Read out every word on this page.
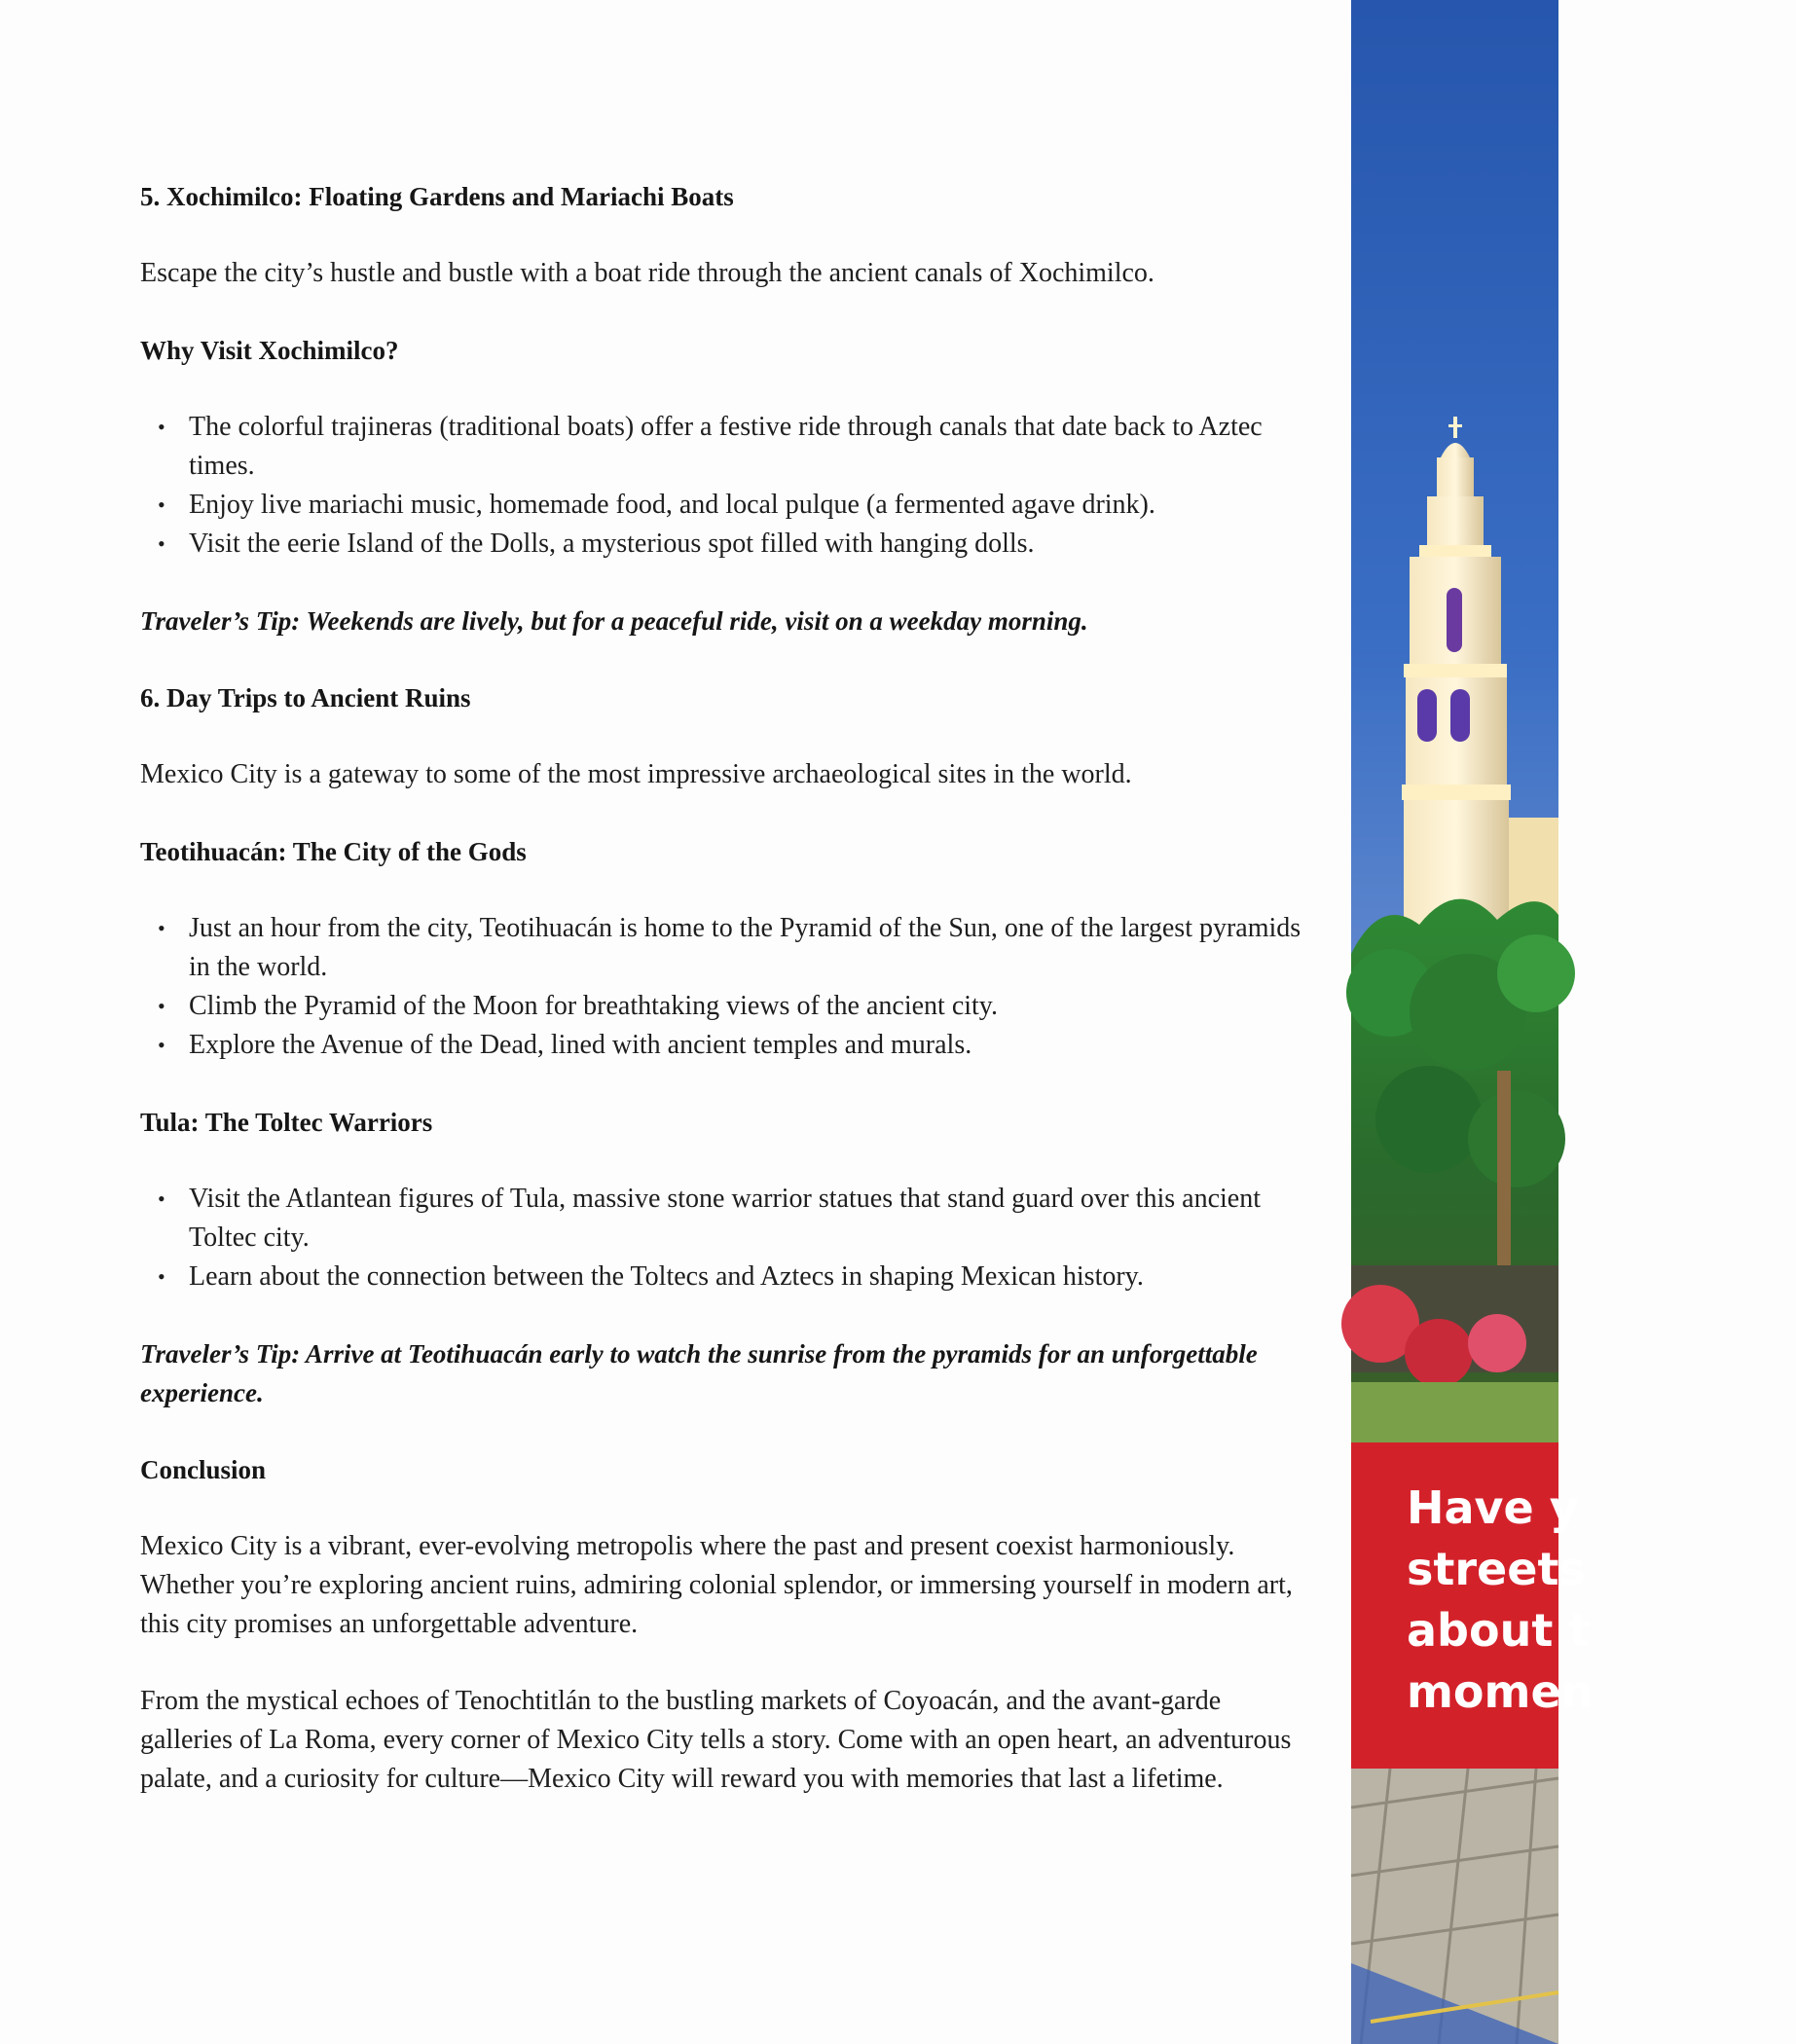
5. Xochimilco: Floating Gardens and Mariachi Boats

Escape the city’s hustle and bustle with a boat ride through the ancient canals of Xochimilco.

Why Visit Xochimilco?

• The colorful trajineras (traditional boats) offer a festive ride through canals that date back to Aztec times.
• Enjoy live mariachi music, homemade food, and local pulque (a fermented agave drink).
• Visit the eerie Island of the Dolls, a mysterious spot filled with hanging dolls.

Traveler’s Tip: Weekends are lively, but for a peaceful ride, visit on a weekday morning.

6. Day Trips to Ancient Ruins

Mexico City is a gateway to some of the most impressive archaeological sites in the world.

Teotihuacán: The City of the Gods

• Just an hour from the city, Teotihuacán is home to the Pyramid of the Sun, one of the largest pyramids in the world.
• Climb the Pyramid of the Moon for breathtaking views of the ancient city.
• Explore the Avenue of the Dead, lined with ancient temples and murals.

Tula: The Toltec Warriors

• Visit the Atlantean figures of Tula, massive stone warrior statues that stand guard over this ancient Toltec city.
• Learn about the connection between the Toltecs and Aztecs in shaping Mexican history.

Traveler’s Tip: Arrive at Teotihuacán early to watch the sunrise from the pyramids for an unforgettable experience.

Conclusion

Mexico City is a vibrant, ever-evolving metropolis where the past and present coexist harmoniously. Whether you’re exploring ancient ruins, admiring colonial splendor, or immersing yourself in modern art, this city promises an unforgettable adventure.

From the mystical echoes of Tenochtitlán to the bustling markets of Coyoacán, and the avant-garde galleries of La Roma, every corner of Mexico City tells a story. Come with an open heart, an adventurous palate, and a curiosity for culture—Mexico City will reward you with memories that last a lifetime.

Have y
streets
about t
momen
